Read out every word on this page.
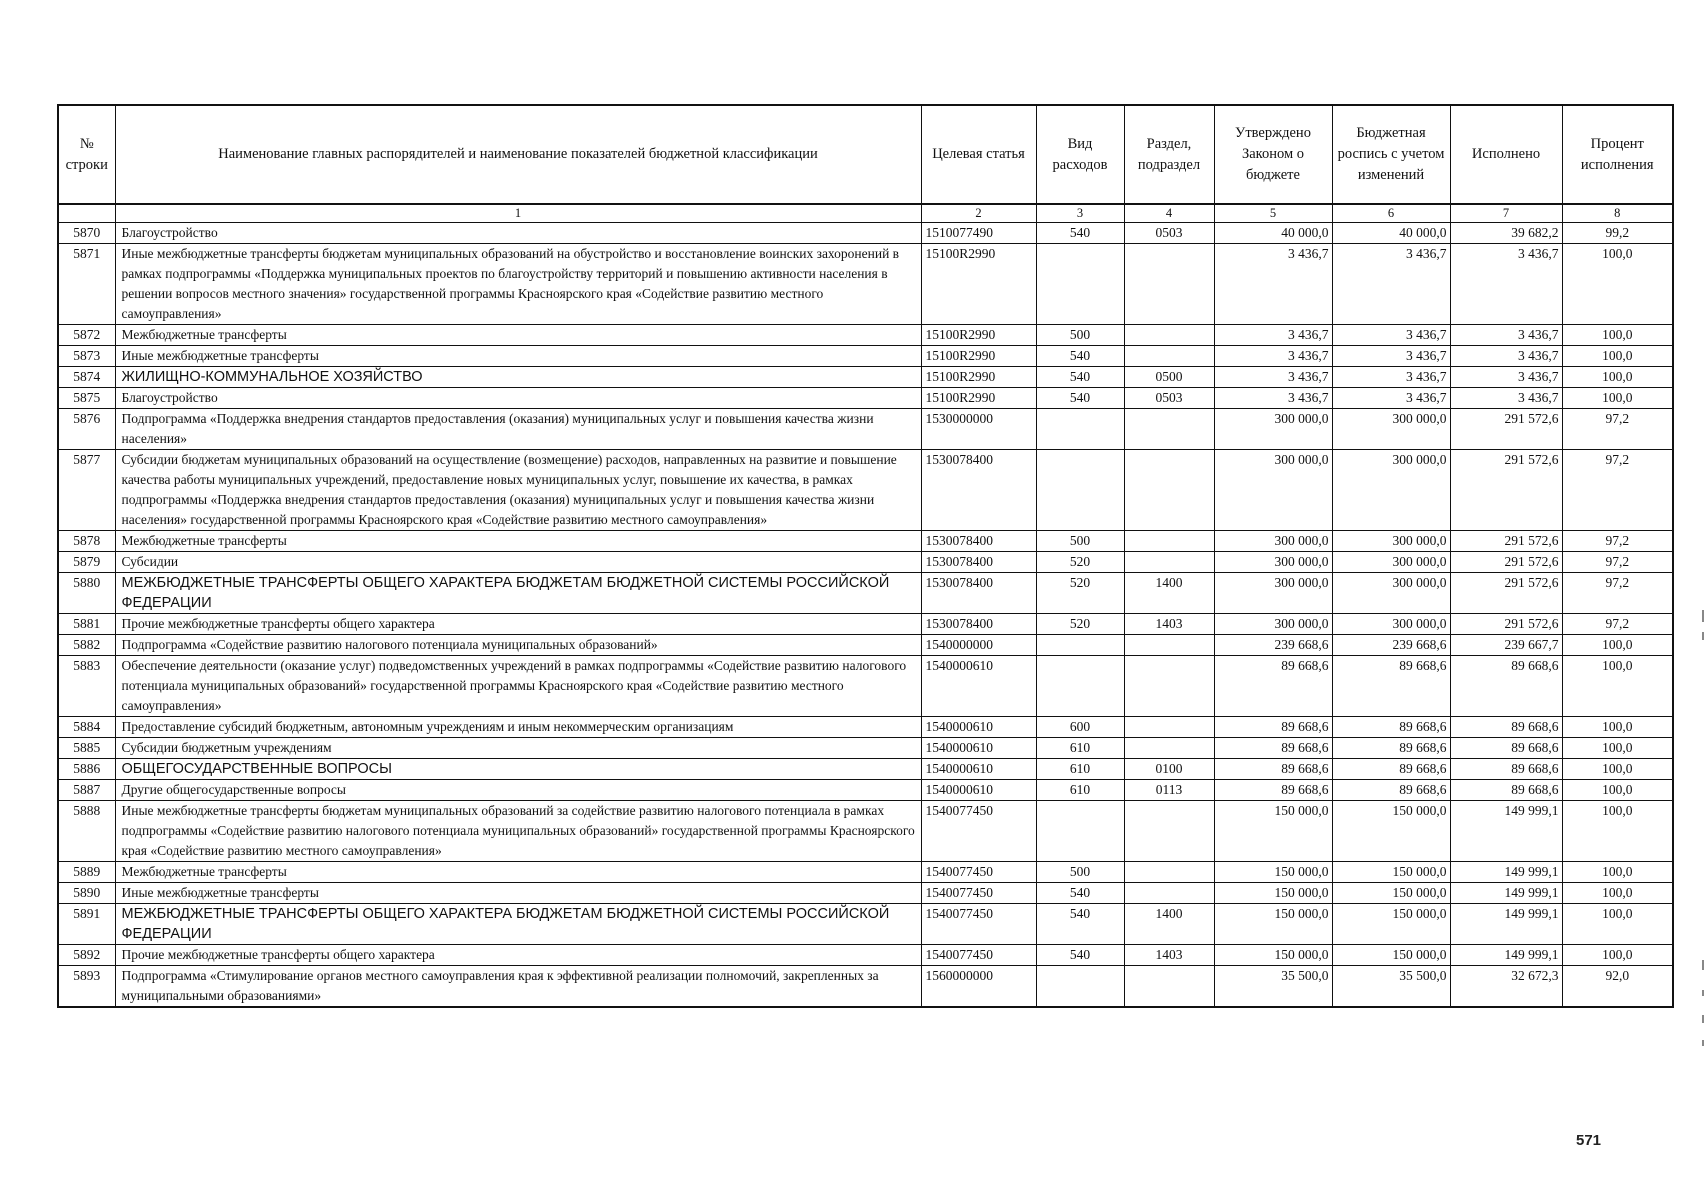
№ строки	Наименование главных распорядителей и наименование показателей бюджетной классификации	Целевая статья	Вид расходов	Раздел, подраздел	Утверждено Законом о бюджете	Бюджетная роспись с учетом изменений	Исполнено	Процент исполнения
	1	2	3	4	5	6	7	8
5870	Благоустройство	1510077490	540	0503	40 000,0	40 000,0	39 682,2	99,2
5871	Иные межбюджетные трансферты бюджетам муниципальных образований на обустройство и восстановление воинских захоронений в рамках подпрограммы «Поддержка муниципальных проектов по благоустройству территорий и повышению активности населения в решении вопросов местного значения» государственной программы Красноярского края «Содействие развитию местного самоуправления»	15100R2990			3 436,7	3 436,7	3 436,7	100,0
5872	Межбюджетные трансферты	15100R2990	500		3 436,7	3 436,7	3 436,7	100,0
5873	Иные межбюджетные трансферты	15100R2990	540		3 436,7	3 436,7	3 436,7	100,0
5874	ЖИЛИЩНО-КОММУНАЛЬНОЕ ХОЗЯЙСТВО	15100R2990	540	0500	3 436,7	3 436,7	3 436,7	100,0
5875	Благоустройство	15100R2990	540	0503	3 436,7	3 436,7	3 436,7	100,0
5876	Подпрограмма «Поддержка внедрения стандартов предоставления (оказания) муниципальных услуг и повышения качества жизни населения»	1530000000			300 000,0	300 000,0	291 572,6	97,2
5877	Субсидии бюджетам муниципальных образований на осуществление (возмещение) расходов, направленных на развитие и повышение качества работы муниципальных учреждений, предоставление новых муниципальных услуг, повышение их качества, в рамках подпрограммы «Поддержка внедрения стандартов предоставления (оказания) муниципальных услуг и повышения качества жизни населения» государственной программы Красноярского края «Содействие развитию местного самоуправления»	1530078400			300 000,0	300 000,0	291 572,6	97,2
5878	Межбюджетные трансферты	1530078400	500		300 000,0	300 000,0	291 572,6	97,2
5879	Субсидии	1530078400	520		300 000,0	300 000,0	291 572,6	97,2
5880	МЕЖБЮДЖЕТНЫЕ ТРАНСФЕРТЫ ОБЩЕГО ХАРАКТЕРА БЮДЖЕТАМ БЮДЖЕТНОЙ СИСТЕМЫ РОССИЙСКОЙ ФЕДЕРАЦИИ	1530078400	520	1400	300 000,0	300 000,0	291 572,6	97,2
5881	Прочие межбюджетные трансферты общего характера	1530078400	520	1403	300 000,0	300 000,0	291 572,6	97,2
5882	Подпрограмма «Содействие развитию налогового потенциала муниципальных образований»	1540000000			239 668,6	239 668,6	239 667,7	100,0
5883	Обеспечение деятельности (оказание услуг) подведомственных учреждений в рамках подпрограммы «Содействие развитию налогового потенциала муниципальных образований» государственной программы Красноярского края «Содействие развитию местного самоуправления»	1540000610			89 668,6	89 668,6	89 668,6	100,0
5884	Предоставление субсидий бюджетным, автономным учреждениям и иным некоммерческим организациям	1540000610	600		89 668,6	89 668,6	89 668,6	100,0
5885	Субсидии бюджетным учреждениям	1540000610	610		89 668,6	89 668,6	89 668,6	100,0
5886	ОБЩЕГОСУДАРСТВЕННЫЕ ВОПРОСЫ	1540000610	610	0100	89 668,6	89 668,6	89 668,6	100,0
5887	Другие общегосударственные вопросы	1540000610	610	0113	89 668,6	89 668,6	89 668,6	100,0
5888	Иные межбюджетные трансферты бюджетам муниципальных образований за содействие развитию налогового потенциала в рамках подпрограммы «Содействие развитию налогового потенциала муниципальных образований» государственной программы Красноярского края «Содействие развитию местного самоуправления»	1540077450			150 000,0	150 000,0	149 999,1	100,0
5889	Межбюджетные трансферты	1540077450	500		150 000,0	150 000,0	149 999,1	100,0
5890	Иные межбюджетные трансферты	1540077450	540		150 000,0	150 000,0	149 999,1	100,0
5891	МЕЖБЮДЖЕТНЫЕ ТРАНСФЕРТЫ ОБЩЕГО ХАРАКТЕРА БЮДЖЕТАМ БЮДЖЕТНОЙ СИСТЕМЫ РОССИЙСКОЙ ФЕДЕРАЦИИ	1540077450	540	1400	150 000,0	150 000,0	149 999,1	100,0
5892	Прочие межбюджетные трансферты общего характера	1540077450	540	1403	150 000,0	150 000,0	149 999,1	100,0
5893	Подпрограмма «Стимулирование органов местного самоуправления края к эффективной реализации полномочий, закрепленных за муниципальными образованиями»	1560000000			35 500,0	35 500,0	32 672,3	92,0
571
